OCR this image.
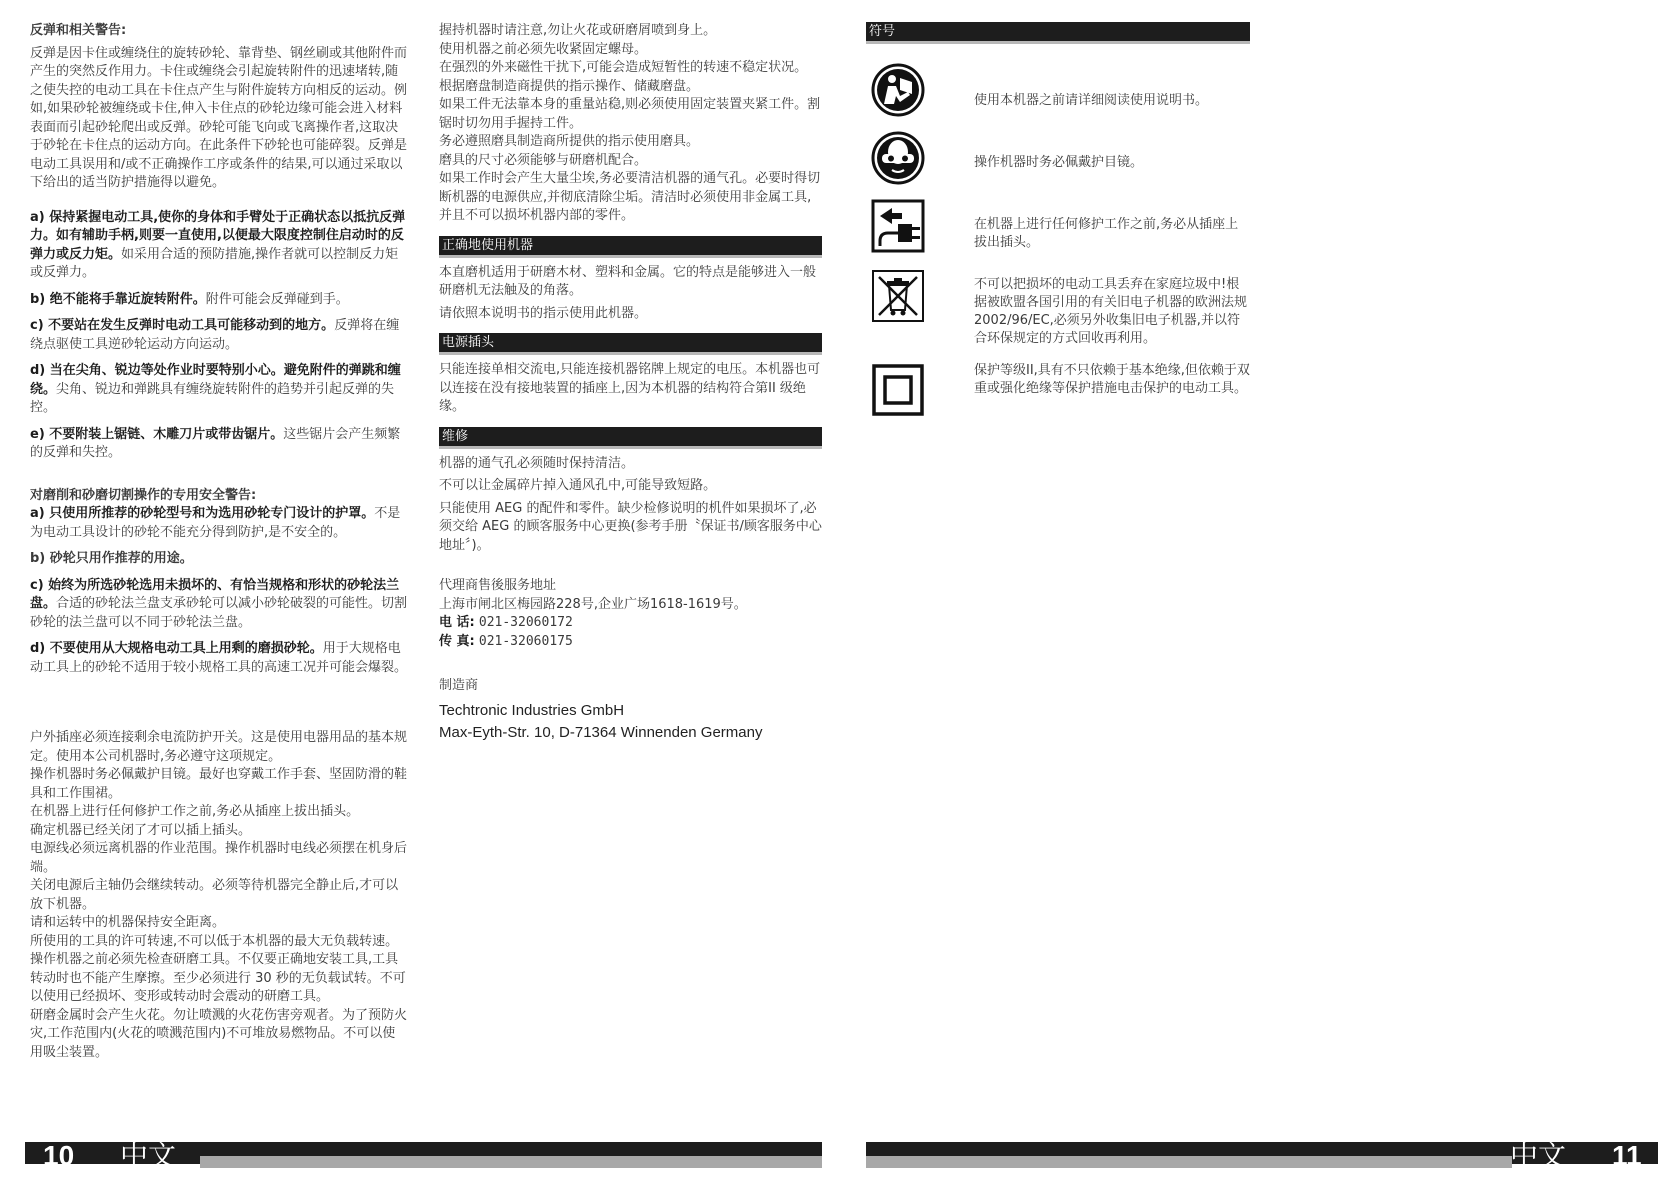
反弹和相关警告:

反弹是因卡住或缠绕住的旋转砂轮、靠背垫、钢丝刷或其他附件而产生的突然反作用力。卡住或缠绕会引起旋转附件的迅速堵转,随之使失控的电动工具在卡住点产生与附件旋转方向相反的运动。例如,如果砂轮被缠绕或卡住,伸入卡住点的砂轮边缘可能会进入材料表面而引起砂轮爬出或反弹。砂轮可能飞向或飞离操作者,这取决于砂轮在卡住点的运动方向。在此条件下砂轮也可能碎裂。反弹是电动工具误用和/或不正确操作工序或条件的结果,可以通过采取以下给出的适当防护措施得以避免。

a) 保持紧握电动工具,使你的身体和手臂处于正确状态以抵抗反弹力。如有辅助手柄,则要一直使用,以便最大限度控制住启动时的反弹力或反力矩。如采用合适的预防措施,操作者就可以控制反力矩或反弹力。

b) 绝不能将手靠近旋转附件。附件可能会反弹碰到手。

c) 不要站在发生反弹时电动工具可能移动到的地方。反弹将在缠绕点驱使工具逆砂轮运动方向运动。

d) 当在尖角、锐边等处作业时要特别小心。避免附件的弹跳和缠绕。尖角、锐边和弹跳具有缠绕旋转附件的趋势并引起反弹的失控。

e) 不要附装上锯链、木雕刀片或带齿锯片。这些锯片会产生频繁的反弹和失控。

对磨削和砂磨切割操作的专用安全警告:

a) 只使用所推荐的砂轮型号和为选用砂轮专门设计的护罩。不是为电动工具设计的砂轮不能充分得到防护,是不安全的。

b) 砂轮只用作推荐的用途。

c) 始终为所选砂轮选用未损坏的、有恰当规格和形状的砂轮法兰盘。合适的砂轮法兰盘支承砂轮可以减小砂轮破裂的可能性。切割砂轮的法兰盘可以不同于砂轮法兰盘。

d) 不要使用从大规格电动工具上用剩的磨损砂轮。用于大规格电动工具上的砂轮不适用于较小规格工具的高速工况并可能会爆裂。

户外插座必须连接剩余电流防护开关。这是使用电器用品的基本规定。使用本公司机器时,务必遵守这项规定。

操作机器时务必佩戴护目镜。最好也穿戴工作手套、坚固防滑的鞋具和工作围裙。

在机器上进行任何修护工作之前,务必从插座上拔出插头。

确定机器已经关闭了才可以插上插头。

电源线必须远离机器的作业范围。操作机器时电线必须摆在机身后端。

关闭电源后主轴仍会继续转动。必须等待机器完全静止后,才可以放下机器。

请和运转中的机器保持安全距离。

所使用的工具的许可转速,不可以低于本机器的最大无负载转速。

操作机器之前必须先检查研磨工具。不仅要正确地安装工具,工具转动时也不能产生摩擦。至少必须进行 30 秒的无负载试转。不可以使用已经损坏、变形或转动时会震动的研磨工具。

研磨金属时会产生火花。勿让喷溅的火花伤害旁观者。为了预防火灾,工作范围内(火花的喷溅范围内)不可堆放易燃物品。不可以使用吸尘装置。

握持机器时请注意,勿让火花或研磨屑喷到身上。

使用机器之前必须先收紧固定螺母。

在强烈的外来磁性干扰下,可能会造成短暂性的转速不稳定状况。

根据磨盘制造商提供的指示操作、储藏磨盘。

如果工件无法靠本身的重量站稳,则必须使用固定装置夹紧工件。割锯时切勿用手握持工件。

务必遵照磨具制造商所提供的指示使用磨具。

磨具的尺寸必须能够与研磨机配合。

如果工作时会产生大量尘埃,务必要清洁机器的通气孔。必要时得切断机器的电源供应,并彻底清除尘垢。清洁时必须使用非金属工具,并且不可以损坏机器内部的零件。

正确地使用机器

本直磨机适用于研磨木材、塑料和金属。它的特点是能够进入一般研磨机无法触及的角落。

请依照本说明书的指示使用此机器。

电源插头

只能连接单相交流电,只能连接机器铭牌上规定的电压。本机器也可以连接在没有接地装置的插座上,因为本机器的结构符合第II 级绝缘。

维修

机器的通气孔必须随时保持清洁。

不可以让金属碎片掉入通风孔中,可能导致短路。

只能使用 AEG 的配件和零件。缺少检修说明的机件如果损坏了,必须交给 AEG 的顾客服务中心更换(参考手册〝保证书/顾客服务中心地址〞)。

代理商售後服务地址

上海市闸北区梅园路228号,企业广场1618-1619号。

电 话: 021-32060172

传 真: 021-32060175

制造商

Techtronic Industries GmbH

Max-Eyth-Str. 10, D-71364 Winnenden Germany

符号
使用本机器之前请详细阅读使用说明书。
操作机器时务必佩戴护目镜。
在机器上进行任何修护工作之前,务必从插座上拔出插头。
不可以把损坏的电动工具丢弃在家庭垃圾中!根据被欧盟各国引用的有关旧电子机器的欧洲法规2002/96/EC,必须另外收集旧电子机器,并以符合环保规定的方式回收再利用。
保护等级II,具有不只依赖于基本绝缘,但依赖于双重或强化绝缘等保护措施电击保护的电动工具。
10 中文	中文 11
